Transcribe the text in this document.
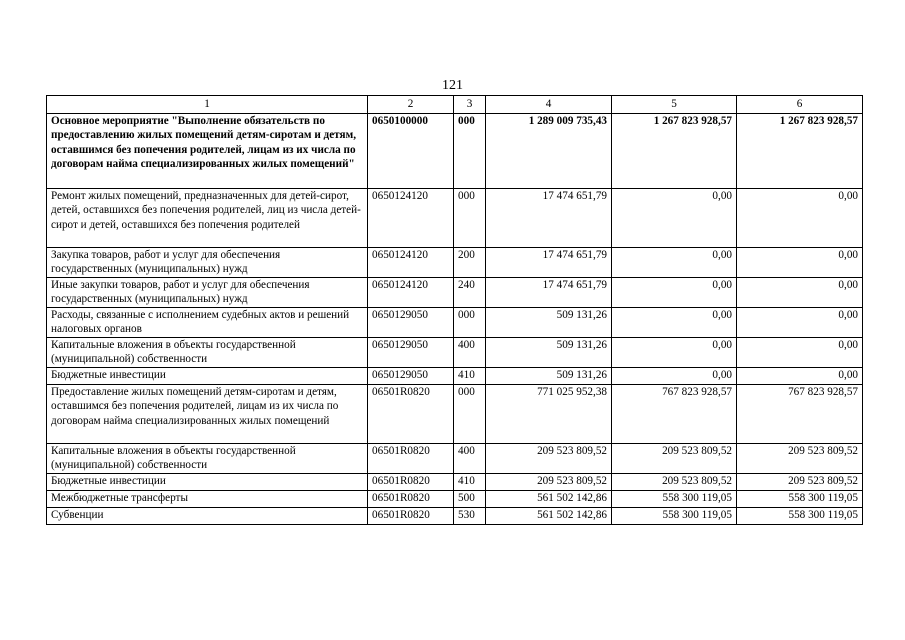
121
1	2	3	4	5	6
Основное мероприятие "Выполнение обязательств по предоставлению жилых помещений детям-сиротам и детям, оставшимся без попечения родителей, лицам из их числа по договорам найма специализированных жилых помещений"	0650100000	000	1 289 009 735,43	1 267 823 928,57	1 267 823 928,57
Ремонт жилых помещений, предназначенных для детей-сирот, детей, оставшихся без попечения родителей, лиц из числа детей-сирот и детей, оставшихся без попечения родителей	0650124120	000	17 474 651,79	0,00	0,00
Закупка товаров, работ и услуг для обеспечения государственных (муниципальных) нужд	0650124120	200	17 474 651,79	0,00	0,00
Иные закупки товаров, работ и услуг для обеспечения государственных (муниципальных) нужд	0650124120	240	17 474 651,79	0,00	0,00
Расходы, связанные с исполнением судебных актов и решений налоговых органов	0650129050	000	509 131,26	0,00	0,00
Капитальные вложения в объекты государственной (муниципальной) собственности	0650129050	400	509 131,26	0,00	0,00
Бюджетные инвестиции	0650129050	410	509 131,26	0,00	0,00
Предоставление жилых помещений детям-сиротам и детям, оставшимся без попечения родителей, лицам из их числа по договорам найма специализированных жилых помещений	06501R0820	000	771 025 952,38	767 823 928,57	767 823 928,57
Капитальные вложения в объекты государственной (муниципальной) собственности	06501R0820	400	209 523 809,52	209 523 809,52	209 523 809,52
Бюджетные инвестиции	06501R0820	410	209 523 809,52	209 523 809,52	209 523 809,52
Межбюджетные трансферты	06501R0820	500	561 502 142,86	558 300 119,05	558 300 119,05
Субвенции	06501R0820	530	561 502 142,86	558 300 119,05	558 300 119,05
